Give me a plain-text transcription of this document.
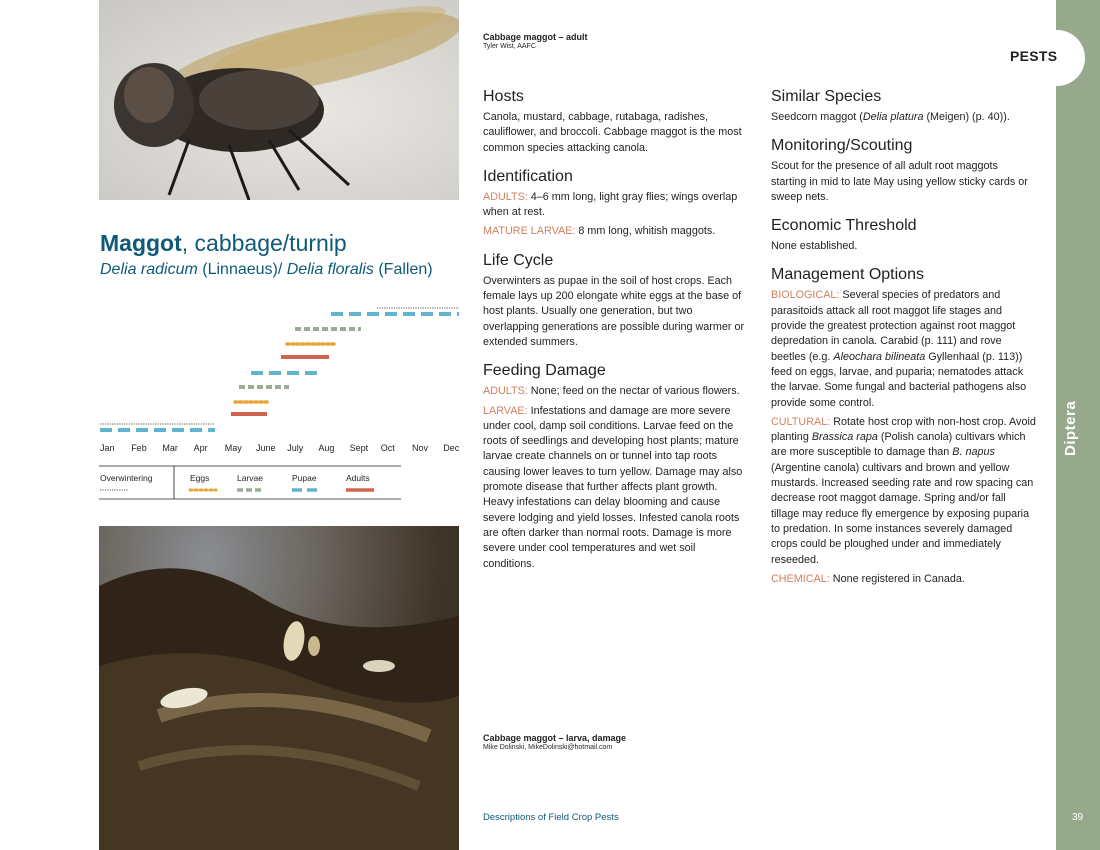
Cabbage maggot – adult
Tyler Wist, AAFC
Maggot, cabbage/turnip
Delia radicum (Linnaeus)/ Delia floralis (Fallen)
Jan Feb Mar Apr May June July Aug Sept Oct Nov Dec
Overwintering	Eggs	Larvae	Pupae	Adults
Hosts

Canola, mustard, cabbage, rutabaga, radishes, cauliflower, and broccoli. Cabbage maggot is the most common species attacking canola.

Identification

ADULTS: 4–6 mm long, light gray flies; wings overlap when at rest.

MATURE LARVAE: 8 mm long, whitish maggots.

Life Cycle

Overwinters as pupae in the soil of host crops. Each female lays up 200 elongate white eggs at the base of host plants. Usually one generation, but two overlapping generations are possible during warmer or extended summers.

Feeding Damage

ADULTS: None; feed on the nectar of various flowers.

LARVAE: Infestations and damage are more severe under cool, damp soil conditions. Larvae feed on the roots of seedlings and developing host plants; mature larvae create channels on or tunnel into tap roots causing lower leaves to turn yellow. Damage may also promote disease that further affects plant growth. Heavy infestations can delay blooming and cause severe lodging and yield losses. Infested canola roots are often darker than normal roots. Damage is more severe under cool temperatures and wet soil conditions.

Similar Species

Seedcorn maggot (Delia platura (Meigen) (p. 40)).

Monitoring/Scouting

Scout for the presence of all adult root maggots starting in mid to late May using yellow sticky cards or sweep nets.

Economic Threshold

None established.

Management Options

BIOLOGICAL: Several species of predators and parasitoids attack all root maggot life stages and provide the greatest protection against root maggot depredation in canola. Carabid (p. 111) and rove beetles (e.g. Aleochara bilineata Gyllenhaal (p. 113)) feed on eggs, larvae, and puparia; nematodes attack the larvae. Some fungal and bacterial pathogens also provide some control.

CULTURAL: Rotate host crop with non-host crop. Avoid planting Brassica rapa (Polish canola) cultivars which are more susceptible to damage than B. napus (Argentine canola) cultivars and brown and yellow mustards. Increased seeding rate and row spacing can decrease root maggot damage. Spring and/or fall tillage may reduce fly emergence by exposing puparia to predation. In some instances severely damaged crops could be ploughed under and immediately reseeded.

CHEMICAL: None registered in Canada.

Cabbage maggot – larva, damage
Mike Dolinski, MikeDolinski@hotmail.com
PESTS
Diptera
39
Descriptions of Field Crop Pests
